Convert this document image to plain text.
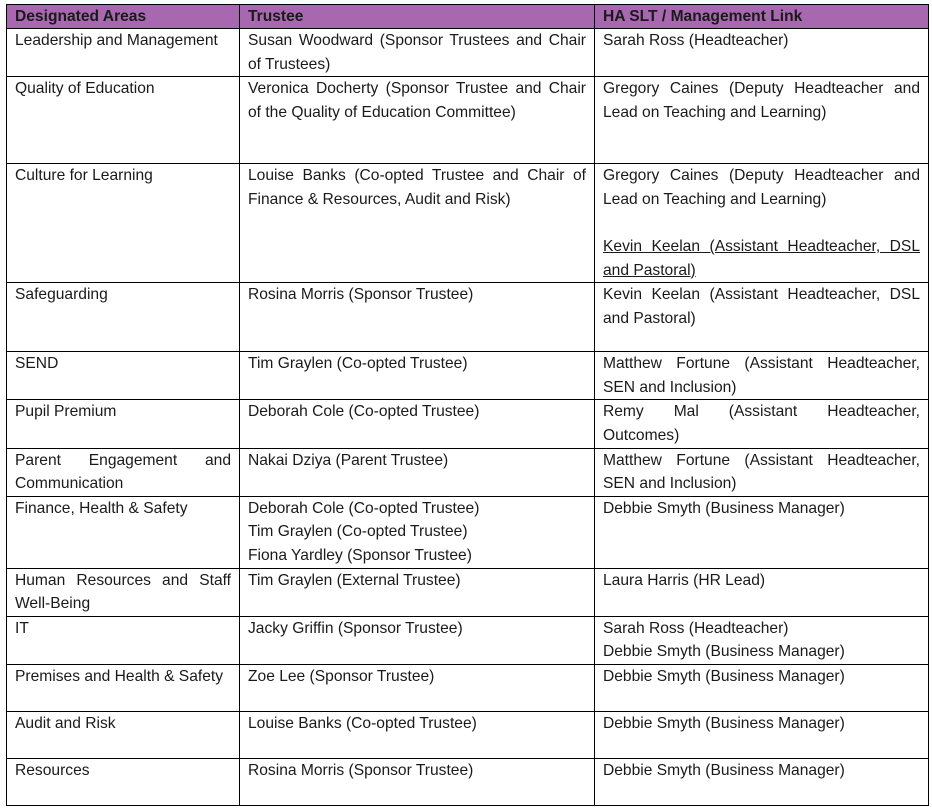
Designated Areas	Trustee	HA SLT / Management Link
Leadership and Management	Susan Woodward (Sponsor Trustees and Chair of Trustees)	Sarah Ross (Headteacher)

Quality of Education	Veronica Docherty (Sponsor Trustee and Chair of the Quality of Education Committee)	Gregory Caines (Deputy Headteacher and Lead on Teaching and Learning)

Culture for Learning	Louise Banks (Co-opted Trustee and Chair of Finance & Resources, Audit and Risk)	Gregory Caines (Deputy Headteacher and Lead on Teaching and Learning)
Kevin Keelan (Assistant Headteacher, DSL and Pastoral)

Safeguarding	Rosina Morris (Sponsor Trustee)	Kevin Keelan (Assistant Headteacher, DSL and Pastoral)

SEND	Tim Graylen (Co-opted Trustee)	Matthew Fortune (Assistant Headteacher, SEN and Inclusion)

Pupil Premium	Deborah Cole (Co-opted Trustee)	Remy Mal (Assistant Headteacher, Outcomes)

Parent Engagement and Communication	Nakai Dziya (Parent Trustee)	Matthew Fortune (Assistant Headteacher, SEN and Inclusion)

Finance, Health & Safety	Deborah Cole (Co-opted Trustee)
Tim Graylen (Co-opted Trustee)
Fiona Yardley (Sponsor Trustee)	Debbie Smyth (Business Manager)

Human Resources and Staff Well-Being	Tim Graylen (External Trustee)	Laura Harris (HR Lead)

IT	Jacky Griffin (Sponsor Trustee)	Sarah Ross (Headteacher)
Debbie Smyth (Business Manager)

Premises and Health & Safety	Zoe Lee (Sponsor Trustee)	Debbie Smyth (Business Manager)

Audit and Risk	Louise Banks (Co-opted Trustee)	Debbie Smyth (Business Manager)

Resources	Rosina Morris (Sponsor Trustee)	Debbie Smyth (Business Manager)
